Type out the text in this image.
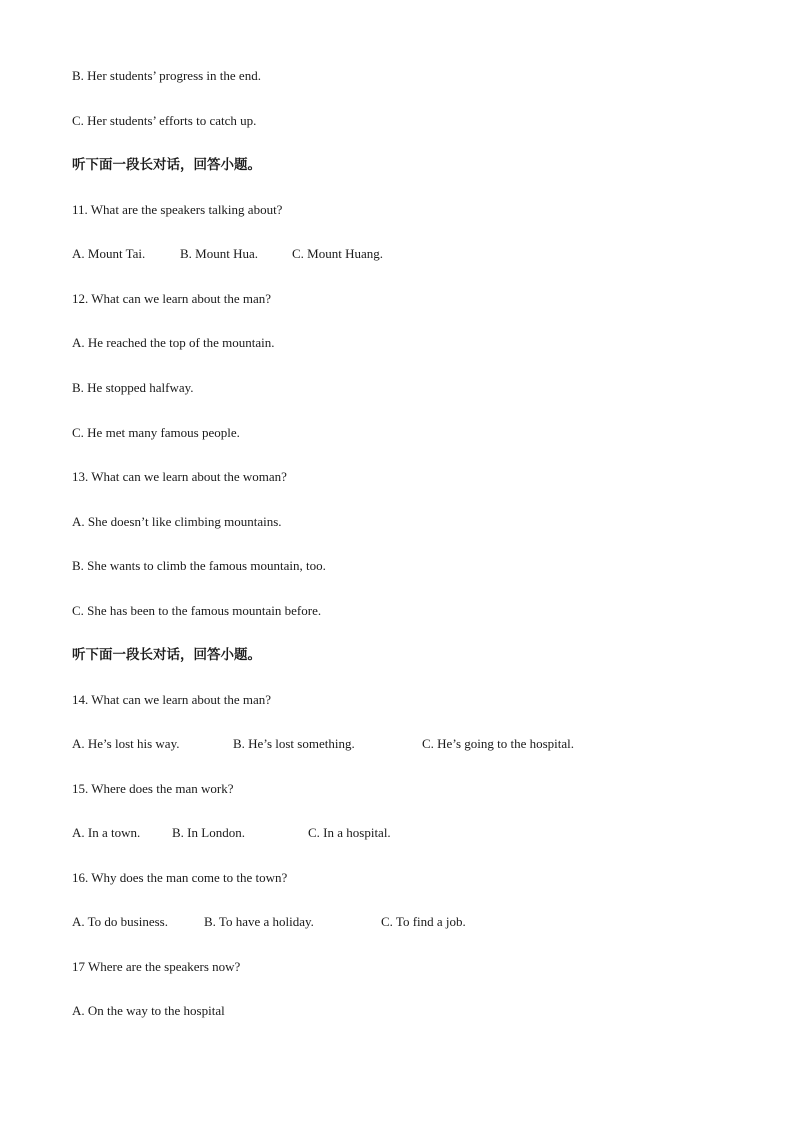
B. Her students’ progress in the end.
C. Her students’ efforts to catch up.
听下面一段长对话，回答小题。
11. What are the speakers talking about?
A. Mount Tai.	B. Mount Hua.	C. Mount Huang.
12. What can we learn about the man?
A. He reached the top of the mountain.
B. He stopped halfway.
C. He met many famous people.
13. What can we learn about the woman?
A. She doesn’t like climbing mountains.
B. She wants to climb the famous mountain, too.
C. She has been to the famous mountain before.
听下面一段长对话，回答小题。
14. What can we learn about the man?
A. He’s lost his way.	B. He’s lost something.	C. He’s going to the hospital.
15. Where does the man work?
A. In a town. B. In London.	C. In a hospital.
16. Why does the man come to the town?
A. To do business.	B. To have a holiday.	C. To find a job.
17 Where are the speakers now?
A. On the way to the hospital
